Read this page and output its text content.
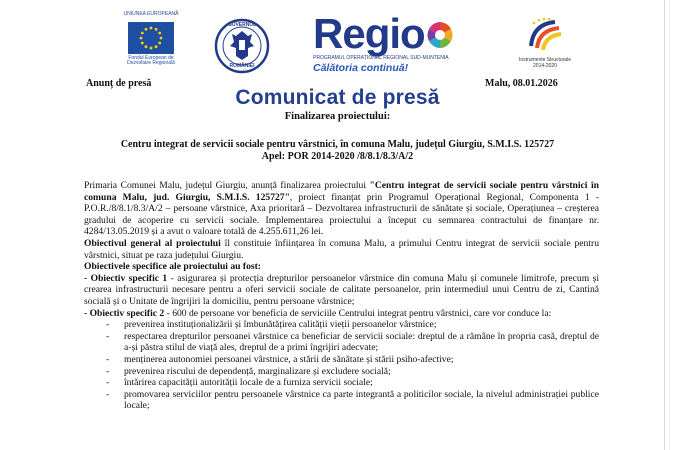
UNIUNEA EUROPEANĂ
Fondul European de
Dezvoltare Regională
GUVERNUL
ROMÂNIEI
Regio
PROGRAMUL OPERAȚIONAL REGIONAL SUD-MUNTENIA
Călătoria continuă!
Instrumente Structurale
2014-2020
Anunț de presă	Malu, 08.01.2026
Comunicat de presă
Finalizarea proiectului:
Centru integrat de servicii sociale pentru vârstnici, în comuna Malu, județul Giurgiu, S.M.I.S. 125727
Apel: POR 2014-2020 /8/8.1/8.3/A/2

Primaria Comunei Malu, județul Giurgiu, anunță finalizarea proiectului "Centru integrat de servicii sociale pentru vârstnici în comuna Malu, jud. Giurgiu, S.M.I.S. 125727", proiect finanțat prin Programul Operațional Regional, Componenta 1 - P.O.R./8/8.1/8.3/A/2 – persoane vârstnice, Axa prioritară – Dezvoltarea infrastructurii de sănătate și sociale, Operațiunea – creșterea gradului de acoperire cu servicii sociale. Implementarea proiectului a început cu semnarea contractului de finanțare nr. 4284/13.05.2019 și a avut o valoare totală de 4.255.611,26 lei.

Obiectivul general al proiectului îl constituie înființarea în comuna Malu, a primului Centru integrat de servicii sociale pentru vârstnici, situat pe raza județului Giurgiu.

Obiectivele specifice ale proiectului au fost:

- Obiectiv specific 1 - asigurarea și protecția drepturilor persoanelor vârstnice din comuna Malu și comunele limitrofe, precum și crearea infrastructurii necesare pentru a oferi servicii sociale de calitate persoanelor, prin intermediul unui Centru de zi, Cantină socială și o Unitate de îngrijiri la domiciliu, pentru persoane vârstnice;

- Obiectiv specific 2 - 600 de persoane vor beneficia de serviciile Centrului integrat pentru vârstnici, care vor conduce la:

- prevenirea instituționalizării și îmbunătățirea calității vieții persoanelor vârstnice;
- respectarea drepturilor persoanei vârstnice ca beneficiar de servicii sociale: dreptul de a rămâne în propria casă, dreptul de a-și păstra stilul de viață ales, dreptul de a primi îngrijiri adecvate;
- menținerea autonomiei persoanei vârstnice, a stării de sănătate și stării psiho-afective;
- prevenirea riscului de dependență, marginalizare și excludere socială;
- întărirea capacității autorității locale de a furniza servicii sociale;
- promovarea serviciilor pentru persoanele vârstnice ca parte integrantă a politicilor sociale, la nivelul administrației publice locale;
